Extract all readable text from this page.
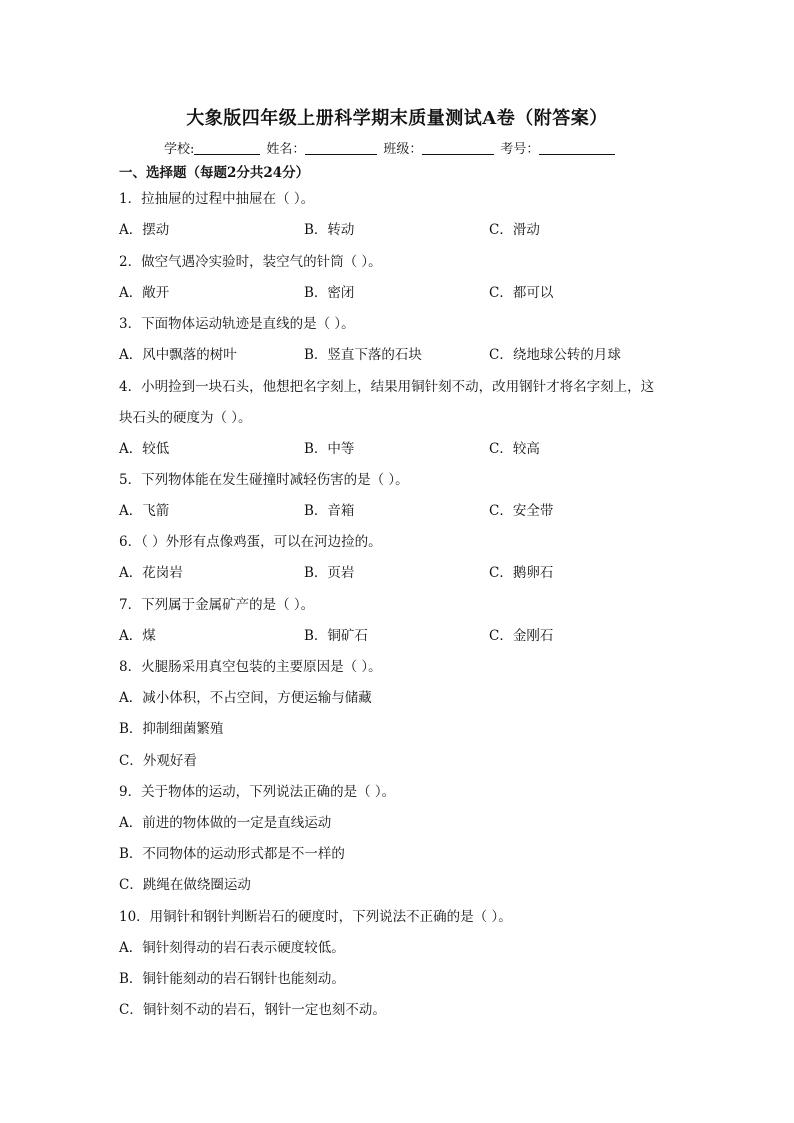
大象版四年级上册科学期末质量测试A卷（附答案）
学校:	姓名：	班级：	考号：
一、选择题（每题2分共24分）
1．拉抽屉的过程中抽屉在（ ）。
A．摆动	B．转动	C．滑动
2．做空气遇冷实验时，装空气的针筒（ ）。
A．敞开	B．密闭	C．都可以
3．下面物体运动轨迹是直线的是（ ）。
A．风中飘落的树叶	B．竖直下落的石块	C．绕地球公转的月球
4．小明捡到一块石头，他想把名字刻上，结果用铜针刻不动，改用钢针才将名字刻上，这
块石头的硬度为（ ）。
A．较低	B．中等	C．较高
5．下列物体能在发生碰撞时减轻伤害的是（ ）。
A．飞箭	B．音箱	C．安全带
6．（ ）外形有点像鸡蛋，可以在河边捡的。
A．花岗岩	B．页岩	C．鹅卵石
7．下列属于金属矿产的是（ ）。
A．煤	B．铜矿石	C．金刚石
8．火腿肠采用真空包装的主要原因是（ ）。
A．减小体积，不占空间，方便运输与储藏
B．抑制细菌繁殖
C．外观好看
9．关于物体的运动，下列说法正确的是（ ）。
A．前进的物体做的一定是直线运动
B．不同物体的运动形式都是不一样的
C．跳绳在做绕圈运动
10．用铜针和钢针判断岩石的硬度时，下列说法不正确的是（ ）。
A．铜针刻得动的岩石表示硬度较低。
B．铜针能刻动的岩石钢针也能刻动。
C．铜针刻不动的岩石，钢针一定也刻不动。
